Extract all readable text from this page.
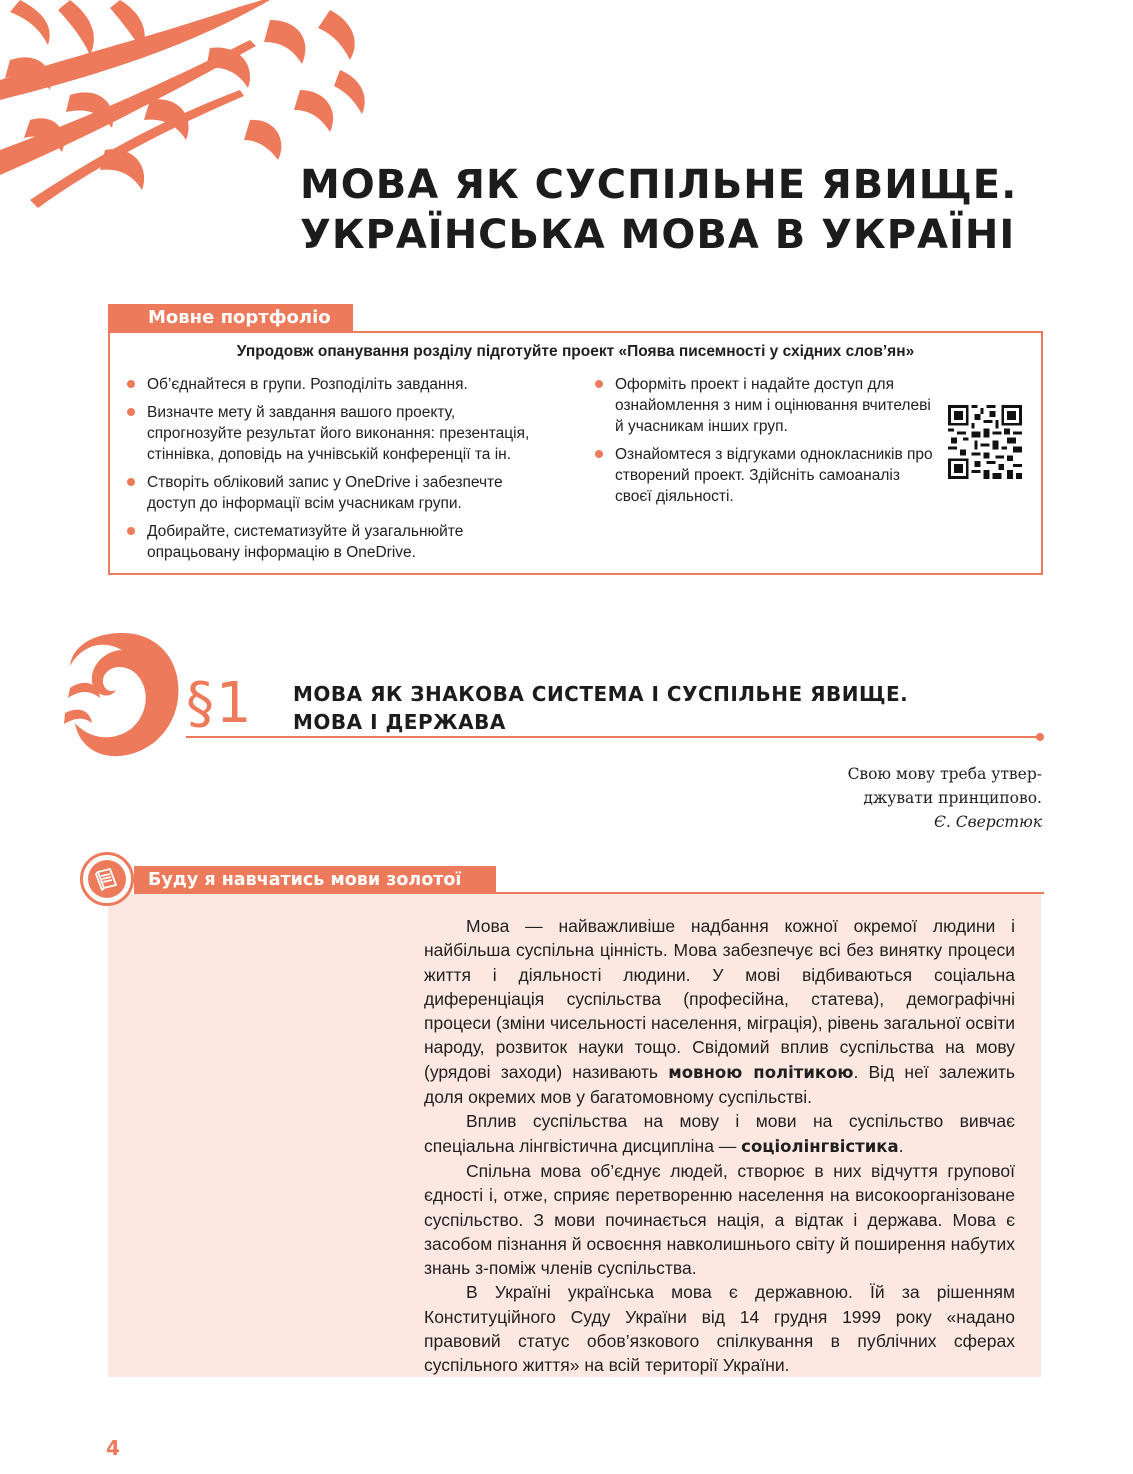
МОВА ЯК СУСПІЛЬНЕ ЯВИЩЕ.
УКРАЇНСЬКА МОВА В УКРАЇНІ
Мовне портфоліо
Упродовж опанування розділу підготуйте проект «Поява писемності у східних слов’ян»
Об’єднайтеся в групи. Розподіліть завдання.
Визначте мету й завдання вашого проекту, спрогнозуйте результат його виконання: презентація, стіннівка, доповідь на учнівській конференції та ін.
Створіть обліковий запис у OneDrive і забезпечте доступ до інформації всім учасникам групи.
Добирайте, систематизуйте й узагальнюйте опрацьовану інформацію в OneDrive.
Оформіть проект і надайте доступ для ознайомлення з ним і оцінювання вчителеві й учасникам інших груп.
Ознайомтеся з відгуками однокласників про створений проект. Здійсніть самоаналіз своєї діяльності.
§1 МОВА ЯК ЗНАКОВА СИСТЕМА І СУСПІЛЬНЕ ЯВИЩЕ.
МОВА І ДЕРЖАВА
Свою мову треба утвер-
джувати принципово.
Є. Сверстюк
Буду я навчатись мови золотої

Мова — найважливіше надбання кожної окремої людини і найбільша суспільна цінність. Мова забезпечує всі без винятку процеси життя і діяльності людини. У мові відбиваються соціальна диференціація суспільства (професійна, статева), демографічні процеси (зміни чисельності населення, міграція), рівень загальної освіти народу, розвиток науки тощо. Свідомий вплив суспільства на мову (урядові заходи) називають мовною політикою. Від неї залежить доля окремих мов у багатомовному суспільстві.

Вплив суспільства на мову і мови на суспільство вивчає спеціальна лінгвістична дисципліна — соціолінгвістика.

Спільна мова об’єднує людей, створює в них відчуття групової єдності і, отже, сприяє перетворенню населення на високоорганізоване суспільство. З мови починається нація, а відтак і держава. Мова є засобом пізнання й освоєння навколишнього світу й поширення набутих знань з-поміж членів суспільства.

В Україні українська мова є державною. Їй за рішенням Конституційного Суду України від 14 грудня 1999 року «надано правовий статус обов’язкового спілкування в публічних сферах суспільного життя» на всій території України.

4
